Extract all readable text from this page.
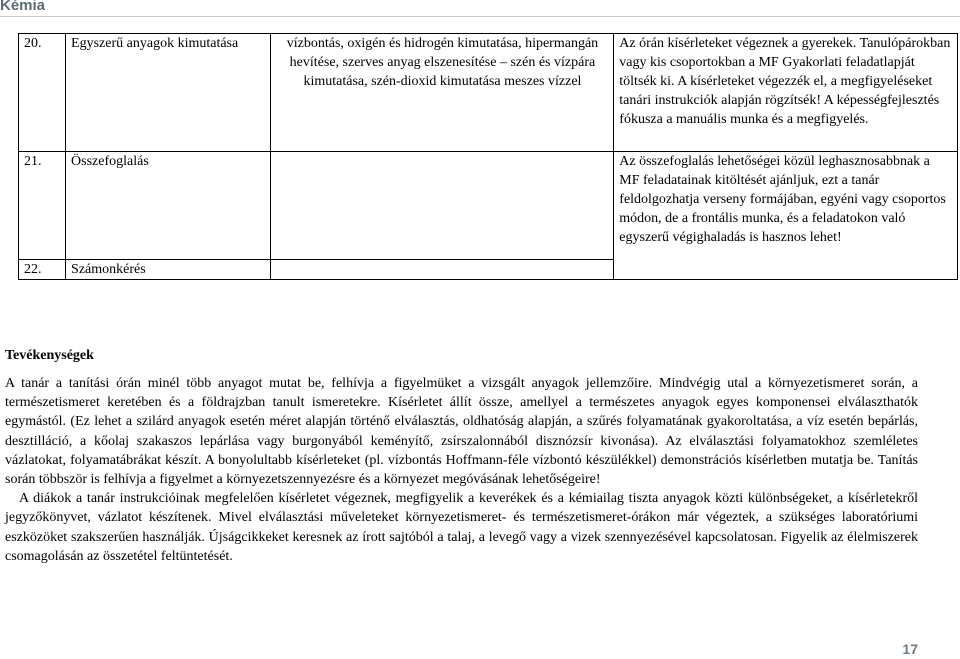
Kémia
20.	Egyszerű anyagok kimutatása	vízbontás, oxigén és hidrogén kimutatása, hipermangán hevítése, szerves anyag elszenesítése – szén és vízpára kimutatása, szén-dioxid kimutatása meszes vízzel	Az órán kísérleteket végeznek a gyerekek. Tanulópárokban vagy kis csoportokban a MF Gyakorlati feladatlapját töltsék ki. A kísérleteket végezzék el, a megfigyeléseket tanári instrukciók alapján rögzítsék! A képességfejlesztés fókusza a manuális munka és a megfigyelés.
21.	Összefoglalás		Az összefoglalás lehetőségei közül leghasznosabbnak a MF feladatainak kitöltését ajánljuk, ezt a tanár feldolgozhatja verseny formájában, egyéni vagy csoportos módon, de a frontális munka, és a feladatokon való egyszerű végighaladás is hasznos lehet!
22.	Számonkérés		
Tevékenységek

A tanár a tanítási órán minél több anyagot mutat be, felhívja a figyelmüket a vizsgált anyagok jellemzőire. Mindvégig utal a környezetismeret során, a természetismeret keretében és a földrajzban tanult ismeretekre. Kísérletet állít össze, amellyel a természetes anyagok egyes komponensei elválaszthatók egymástól. (Ez lehet a szilárd anyagok esetén méret alapján történő elválasztás, oldhatóság alapján, a szűrés folyamatának gyakoroltatása, a víz esetén bepárlás, desztilláció, a kőolaj szakaszos lepárlása vagy burgonyából keményítő, zsírszalonnából disznózsír kivonása). Az elválasztási folyamatokhoz szemléletes vázlatokat, folyamatábrákat készít. A bonyolultabb kísérleteket (pl. vízbontás Hoffmann-féle vízbontó készülékkel) demonstrációs kísérletben mutatja be. Tanítás során többször is felhívja a figyelmet a környezetszennyezésre és a környezet megóvásának lehetőségeire!

A diákok a tanár instrukcióinak megfelelően kísérletet végeznek, megfigyelik a keverékek és a kémiailag tiszta anyagok közti különbségeket, a kísérletekről jegyzőkönyvet, vázlatot készítenek. Mivel elválasztási műveleteket környezetismeret- és természetismeret-órákon már végeztek, a szükséges laboratóriumi eszközöket szakszerűen használják. Újságcikkeket keresnek az írott sajtóból a talaj, a levegő vagy a vizek szennyezésével kapcsolatosan. Figyelik az élelmiszerek csomagolásán az összetétel feltüntetését.

17
